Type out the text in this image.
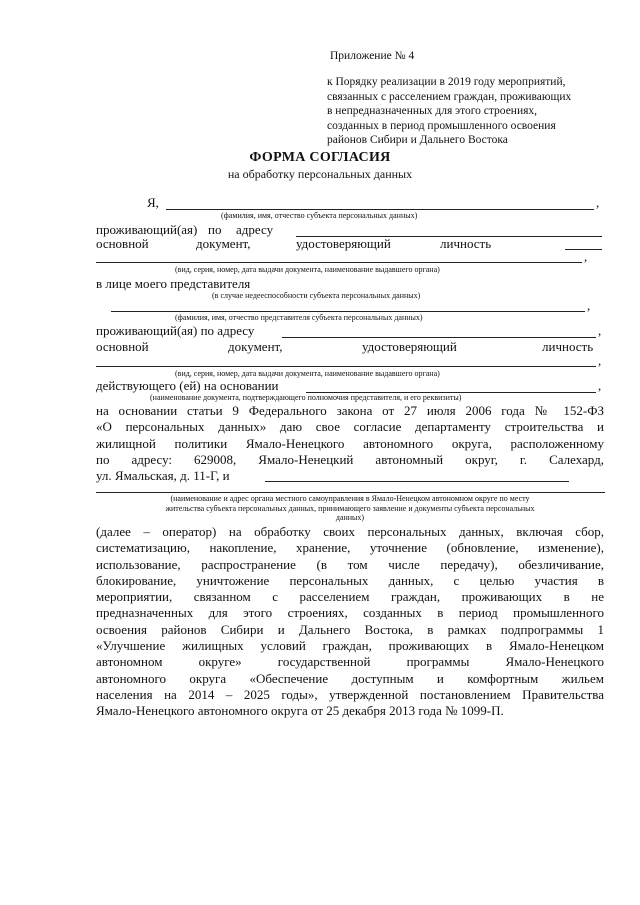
Приложение № 4
к Порядку реализации в 2019 году мероприятий,
связанных с расселением граждан, проживающих
в непредназначенных для этого строениях,
созданных в период промышленного освоения
районов Сибири и Дальнего Востока
ФОРМА СОГЛАСИЯ
на обработку персональных данных
Я,	,
(фамилия, имя, отчество субъекта персональных данных)
проживающий(ая) по адресу
основной	документ,	удостоверяющий	личность
,
(вид, серия, номер, дата выдачи документа, наименование выдавшего органа)
в лице моего представителя
(в случае недееспособности субъекта персональных данных)
,
(фамилия, имя, отчество представителя субъекта персональных данных)
проживающий(ая) по адресу	,
основной	документ,	удостоверяющий	личность
,
(вид, серия, номер, дата выдачи документа, наименование выдавшего органа)
действующего (ей) на основании	,
(наименование документа, подтверждающего полномочия представителя, и его реквизиты)
на основании статьи 9 Федерального закона от 27 июля 2006 года № 152-ФЗ
«О персональных данных» даю свое согласие департаменту строительства и
жилищной политики Ямало-Ненецкого автономного округа, расположенному
по адресу: 629008, Ямало-Ненецкий автономный округ, г. Салехард,
ул. Ямальская, д. 11-Г, и
(наименование и адрес органа местного самоуправления в Ямало-Ненецком автономном округе по месту
жительства субъекта персональных данных, принимающего заявление и документы субъекта персональных
данных)
(далее – оператор) на обработку своих персональных данных, включая сбор,
систематизацию, накопление, хранение, уточнение (обновление, изменение),
использование, распространение (в том числе передачу), обезличивание,
блокирование, уничтожение персональных данных, с целью участия в
мероприятии, связанном с расселением граждан, проживающих в не
предназначенных для этого строениях, созданных в период промышленного
освоения районов Сибири и Дальнего Востока, в рамках подпрограммы 1
«Улучшение жилищных условий граждан, проживающих в Ямало-Ненецком
автономном округе» государственной программы Ямало-Ненецкого
автономного округа «Обеспечение доступным и комфортным жильем
населения на 2014 – 2025 годы», утвержденной постановлением Правительства
Ямало-Ненецкого автономного округа от 25 декабря 2013 года № 1099-П.
